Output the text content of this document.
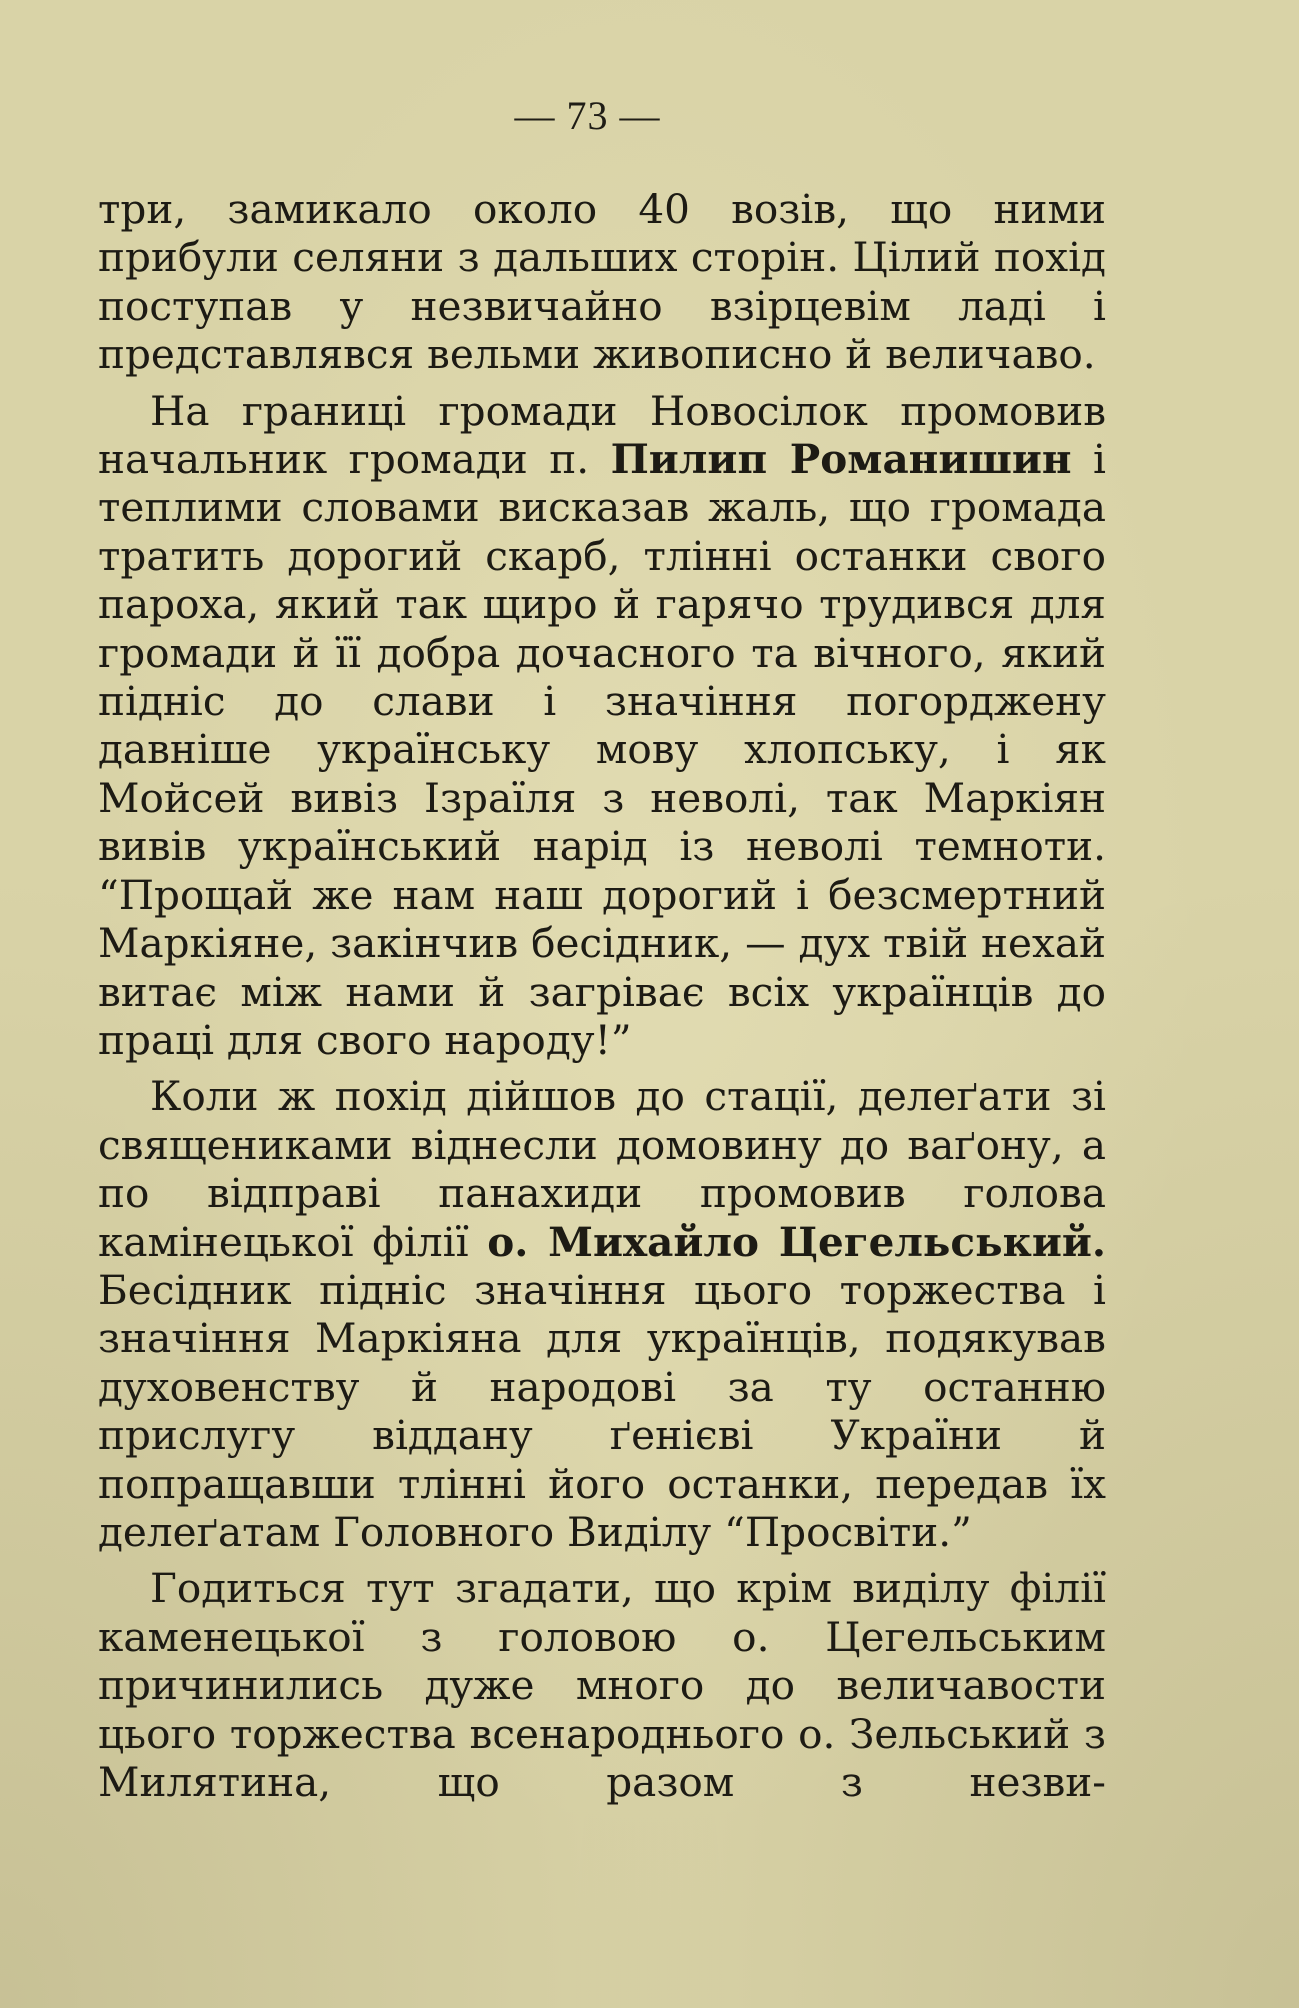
— 73 —

три, замикало около 40 возів, що ними прибули селяни з дальших сторін. Цілий похід поступав у незвичайно взірцевім ладі і представлявся вельми живописно й величаво.

На границі громади Новосілок промовив начальник громади п. Пилип Романишин і теплими словами висказав жаль, що громада тратить дорогий скарб, тлінні останки свого пароха, який так щиро й гарячо трудився для громади й її добра дочасного та вічного, який підніс до слави і значіння погорджену давніше українську мову хлопську, і як Мойсей вивіз Ізраїля з неволі, так Маркіян вивів український нарід із неволі темноти. “Прощай же нам наш дорогий і безсмертний Маркіяне, закінчив бесідник, — дух твій нехай витає між нами й загріває всіх українців до праці для свого народу!”

Коли ж похід дійшов до стації, делеґати зі священиками віднесли домовину до ваґону, а по відправі панахиди промовив голова камінецької філії о. Михайло Цегельський. Бесідник підніс значіння цього торжества і значіння Маркіяна для українців, подякував духовенству й народові за ту останню прислугу віддану ґенієві України й попращавши тлінні його останки, передав їх делеґатам Головного Виділу “Просвіти.”

Годиться тут згадати, що крім виділу філії каменецької з головою о. Цегельським причинились дуже много до величавости цього торжества всенароднього о. Зельський з Милятина, що разом з незви-
